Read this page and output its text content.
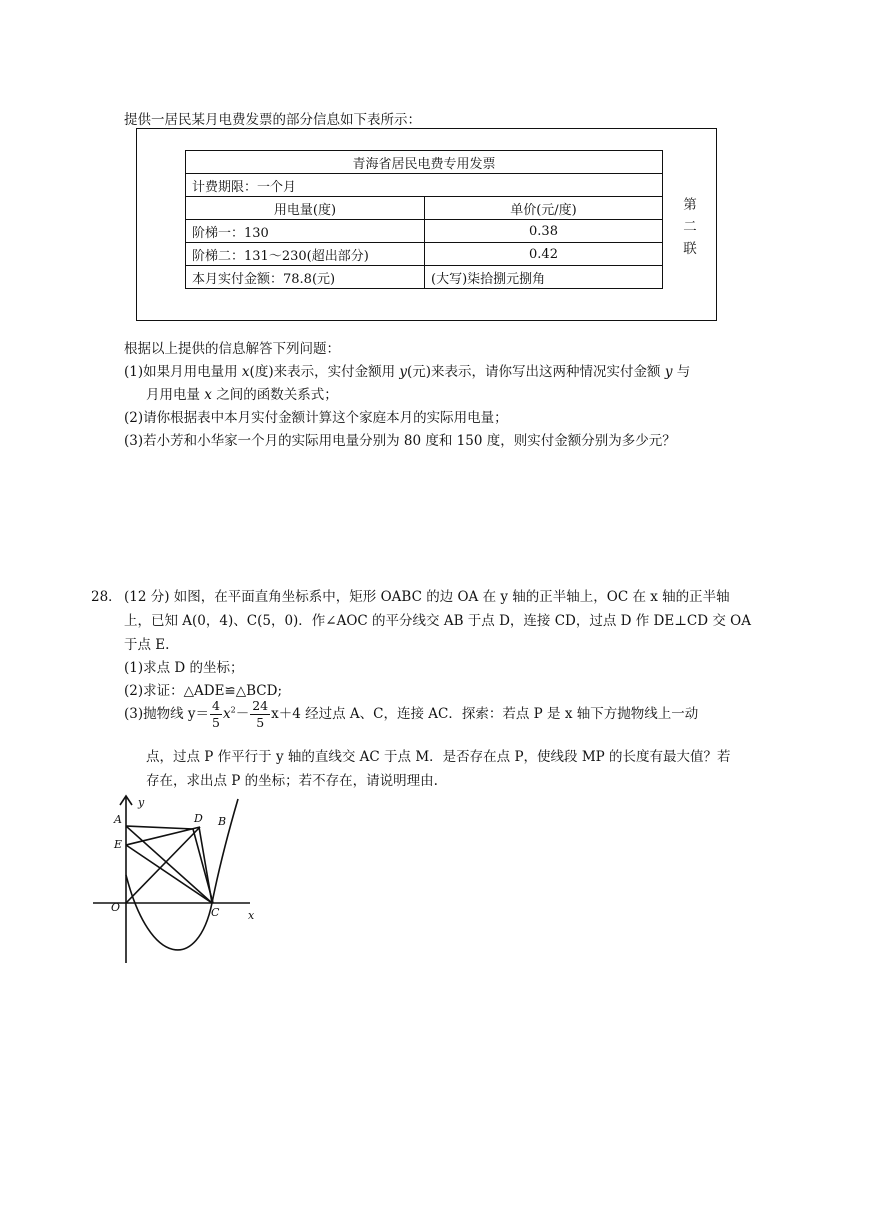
提供一居民某月电费发票的部分信息如下表所示：
青海省居民电费专用发票	
计费期限：一个月	
用电量(度)	单价(元/度)
阶梯一：130	0.38
阶梯二：131～230(超出部分)	0.42
本月实付金额：78.8(元)	(大写)柒拾捌元捌角
第
二
联
根据以上提供的信息解答下列问题：
(1)如果月用电量用 x(度)来表示，实付金额用 y(元)来表示，请你写出这两种情况实付金额 y 与
月用电量 x 之间的函数关系式；
(2)请你根据表中本月实付金额计算这个家庭本月的实际用电量；
(3)若小芳和小华家一个月的实际用电量分别为 80 度和 150 度，则实付金额分别为多少元？
28． (12 分) 如图，在平面直角坐标系中，矩形 OABC 的边 OA 在 y 轴的正半轴上，OC 在 x 轴的正半轴
上，已知 A(0，4)、C(5，0)．作∠AOC 的平分线交 AB 于点 D，连接 CD，过点 D 作 DE⊥CD 交 OA
于点 E.
(1)求点 D 的坐标；
(2)求证：△ADE≌△BCD;
(3)抛物线 $y= \frac{4}{5} x^2- \frac{24}{5} x+4$ 经过点 A、C，连接 AC．探索：若点 P 是 x 轴下方抛物线上一动
点，过点 P 作平行于 y 轴的直线交 AC 于点 M．是否存在点 P，使线段 MP 的长度有最大值？若
存在，求出点 P 的坐标；若不存在，请说明理由.
y
x
A	D B
E
O	C
